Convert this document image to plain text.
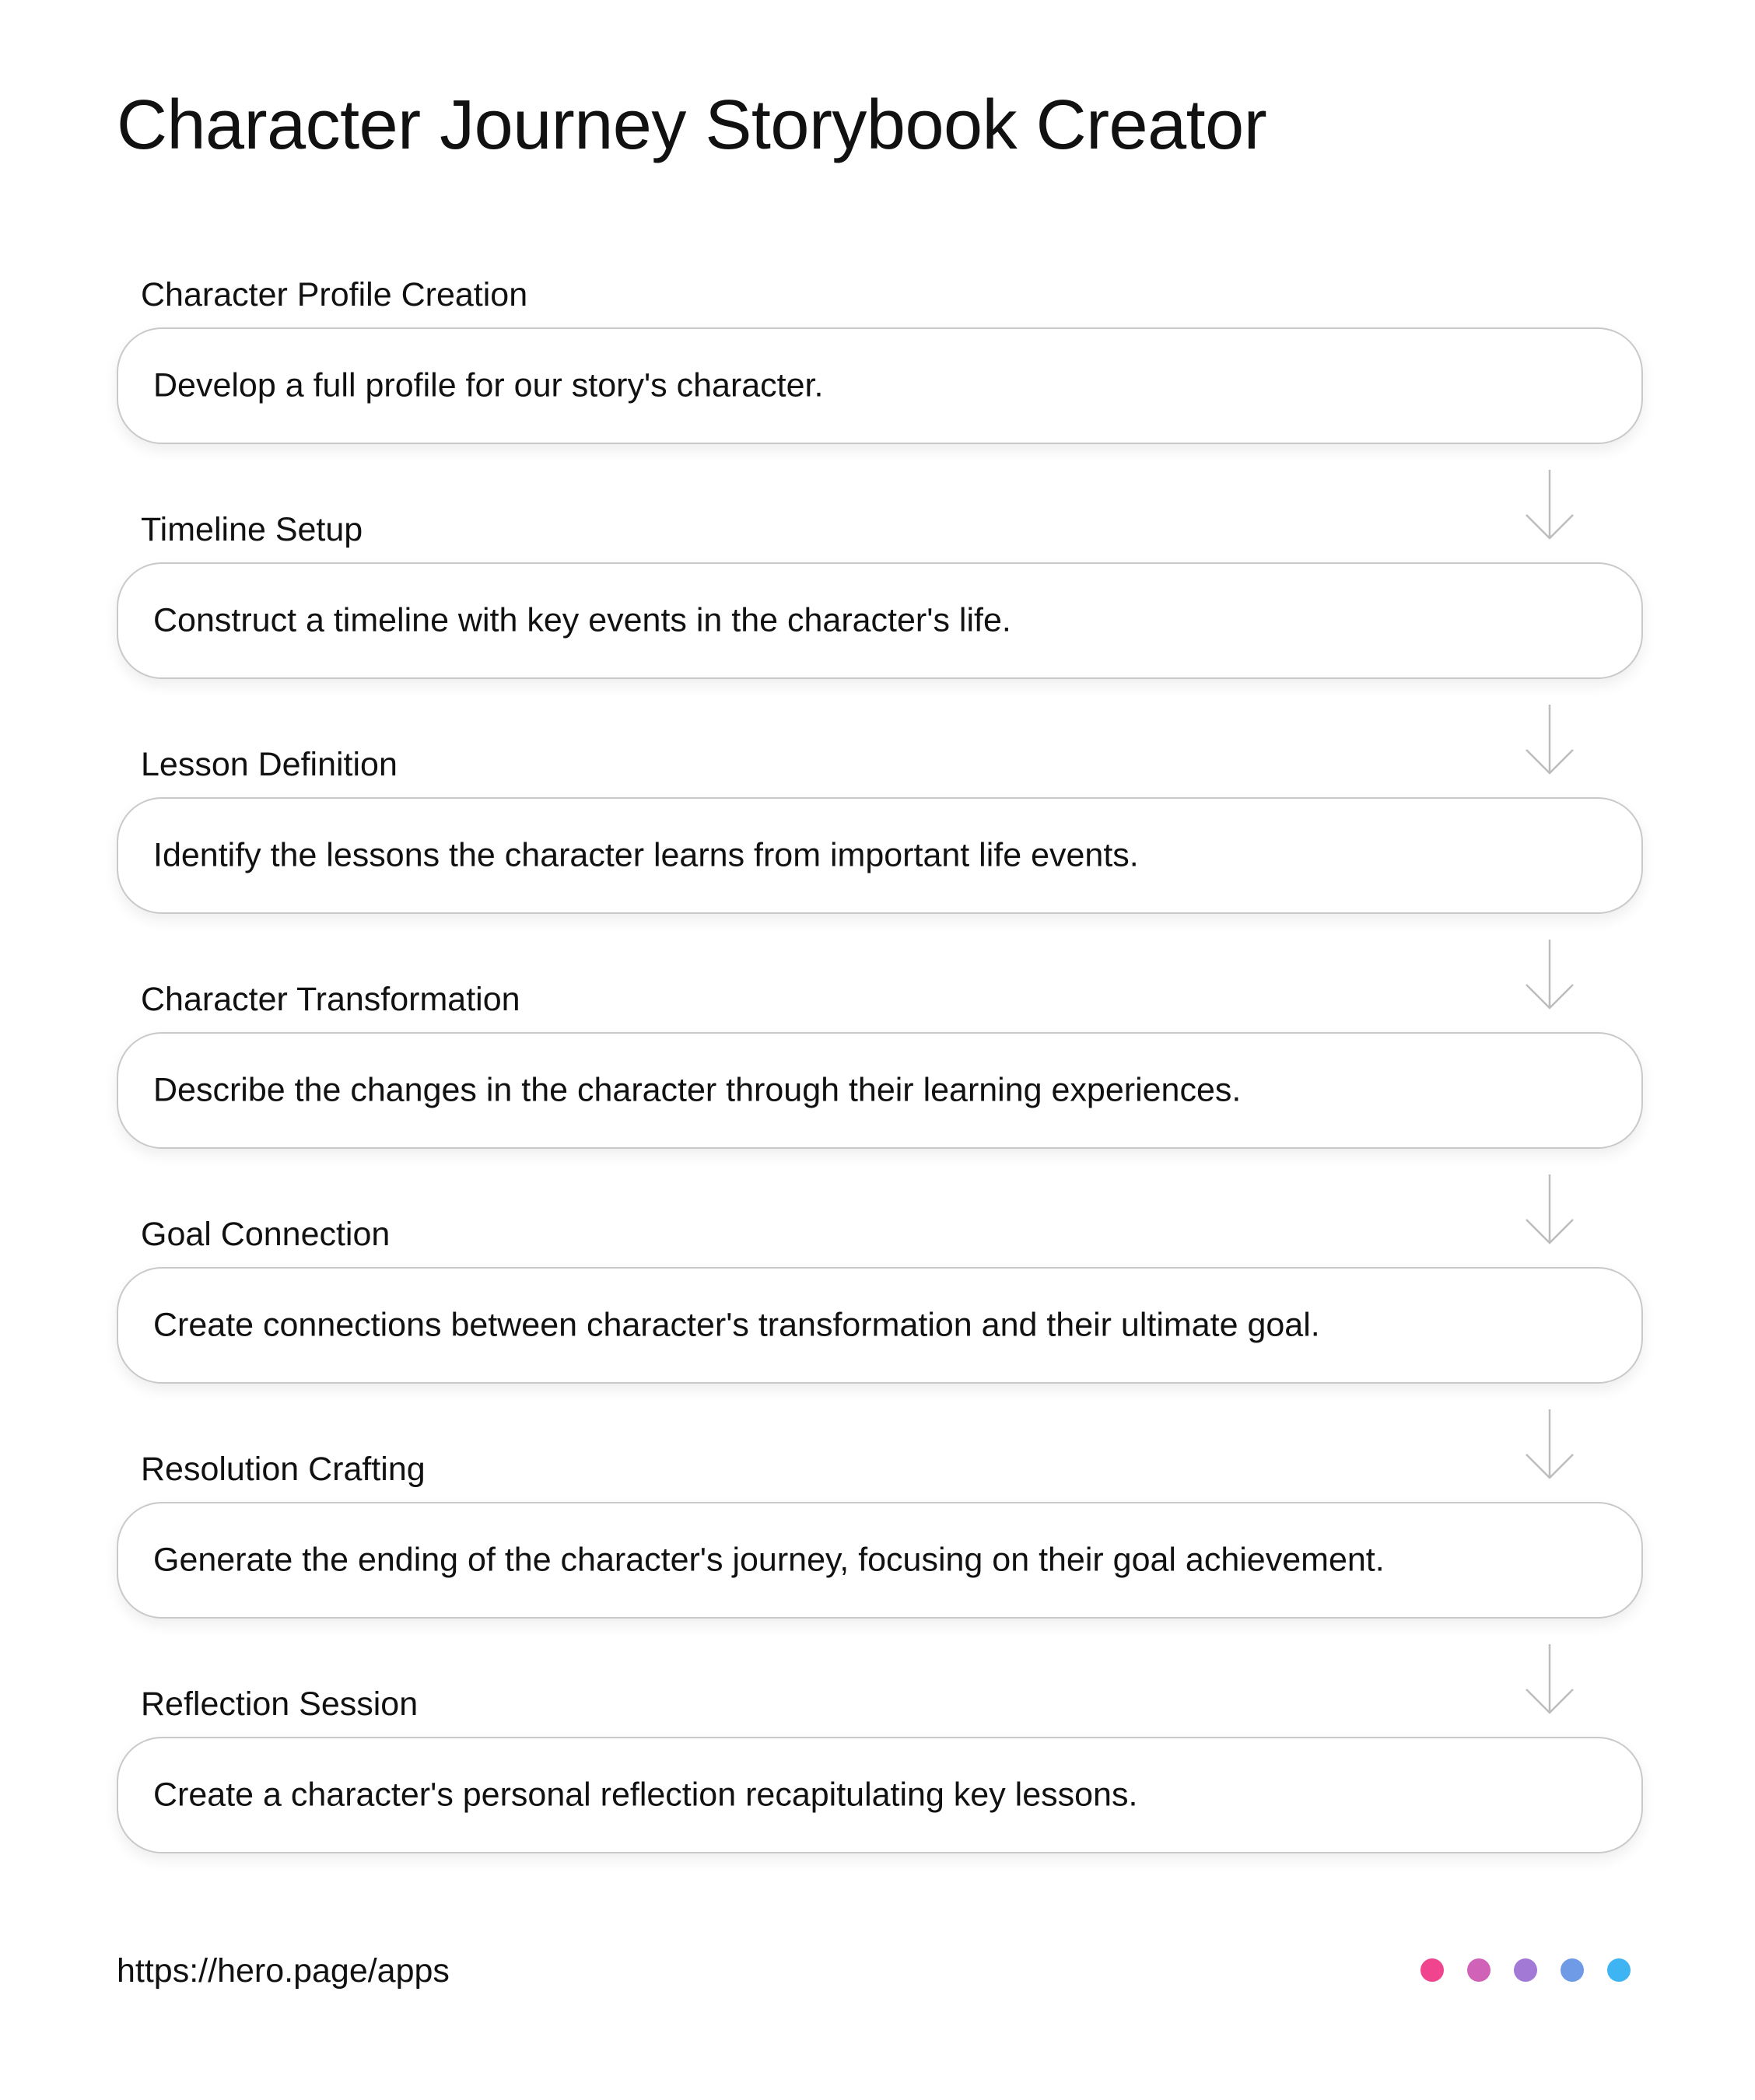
Character Journey Storybook Creator
Character Profile Creation
Develop a full profile for our story's character.
Timeline Setup
Construct a timeline with key events in the character's life.
Lesson Definition
Identify the lessons the character learns from important life events.
Character Transformation
Describe the changes in the character through their learning experiences.
Goal Connection
Create connections between character's transformation and their ultimate goal.
Resolution Crafting
Generate the ending of the character's journey, focusing on their goal achievement.
Reflection Session
Create a character's personal reflection recapitulating key lessons.
https://hero.page/apps
